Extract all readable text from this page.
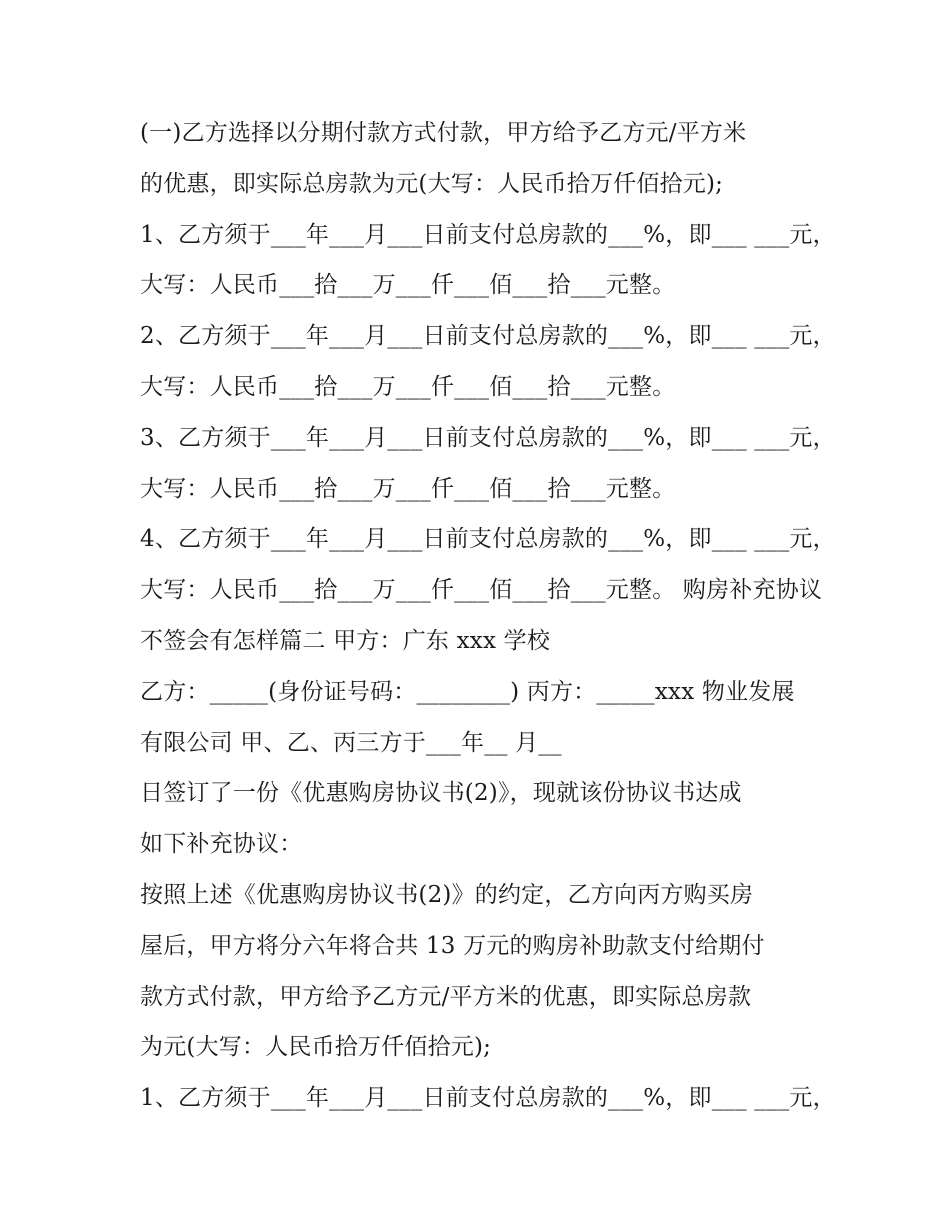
(一)乙方选择以分期付款方式付款，甲方给予乙方元/平方米
的优惠，即实际总房款为元(大写：人民币拾万仟佰拾元);
1、乙方须于___年___月___日前支付总房款的___%，即___ ___元，
大写：人民币___拾___万___仟___佰___拾___元整。
2、乙方须于___年___月___日前支付总房款的___%，即___ ___元，
大写：人民币___拾___万___仟___佰___拾___元整。
3、乙方须于___年___月___日前支付总房款的___%，即___ ___元，
大写：人民币___拾___万___仟___佰___拾___元整。
4、乙方须于___年___月___日前支付总房款的___%，即___ ___元，
大写：人民币___拾___万___仟___佰___拾___元整。 购房补充协议
不签会有怎样篇二 甲方：广东 xxx 学校
乙方：_____(身份证号码：________) 丙方：_____xxx 物业发展
有限公司 甲、乙、丙三方于___年__ 月__
日签订了一份《优惠购房协议书(2)》，现就该份协议书达成
如下补充协议：
按照上述《优惠购房协议书(2)》的约定，乙方向丙方购买房
屋后，甲方将分六年将合共 13 万元的购房补助款支付给期付
款方式付款，甲方给予乙方元/平方米的优惠，即实际总房款
为元(大写：人民币拾万仟佰拾元);
1、乙方须于___年___月___日前支付总房款的___%，即___ ___元，
